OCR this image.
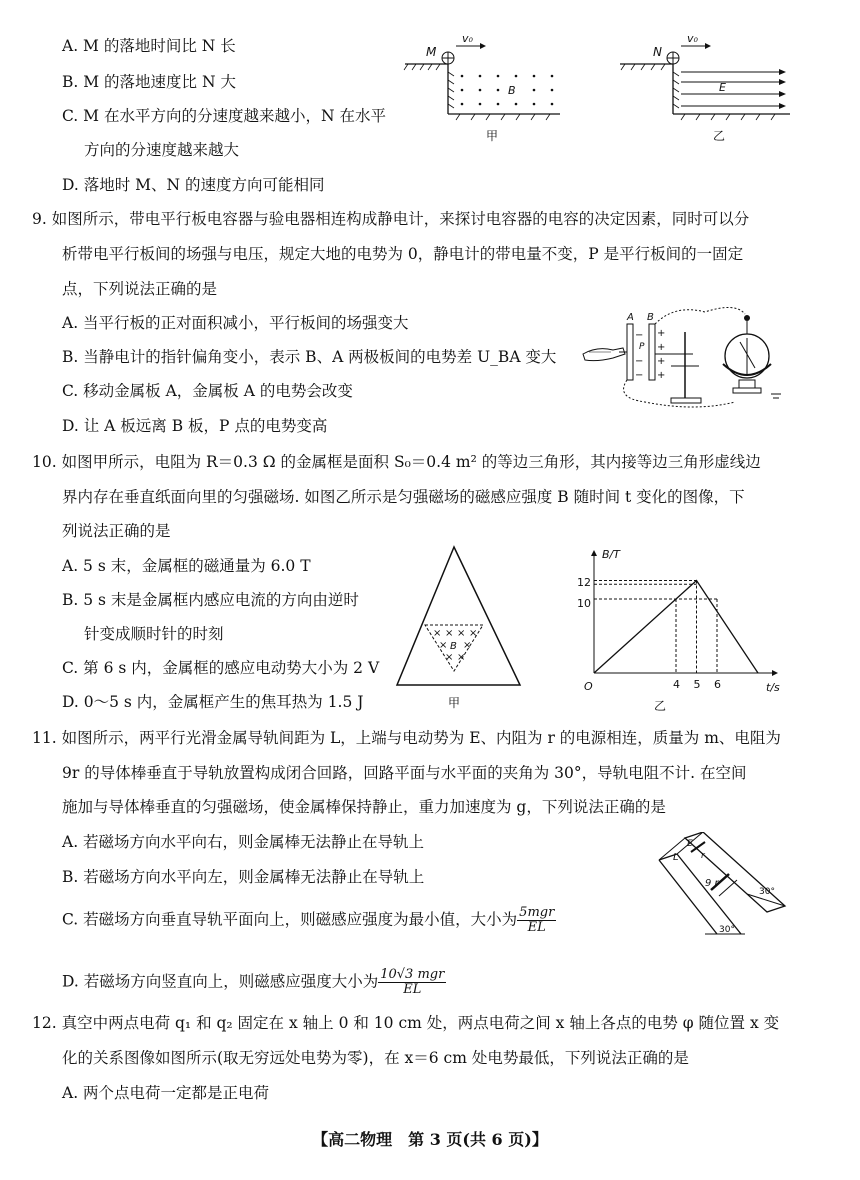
A. M 的落地时间比 N 长
B. M 的落地速度比 N 大
C. M 在水平方向的分速度越来越小，N 在水平
方向的分速度越来越大
D. 落地时 M、N 的速度方向可能相同
M
v₀
B
甲
N
v₀
E
乙
9. 如图所示，带电平行板电容器与验电器相连构成静电计，来探讨电容器的电容的决定因素，同时可以分
析带电平行板间的场强与电压，规定大地的电势为 0，静电计的带电量不变，P 是平行板间的一固定
点，下列说法正确的是
A. 当平行板的正对面积减小，平行板间的场强变大
B. 当静电计的指针偏角变小，表示 B、A 两极板间的电势差 U_BA 变大
C. 移动金属板 A，金属板 A 的电势会改变
D. 让 A 板远离 B 板，P 点的电势变高
A B
P
+
+
+
+
−
−
−
10. 如图甲所示，电阻为 R＝0.3 Ω 的金属框是面积 S₀＝0.4 m² 的等边三角形，其内接等边三角形虚线边
界内存在垂直纸面向里的匀强磁场. 如图乙所示是匀强磁场的磁感应强度 B 随时间 t 变化的图像，下
列说法正确的是
A. 5 s 末，金属框的磁通量为 6.0 T
B. 5 s 末是金属框内感应电流的方向由逆时
针变成顺时针的时刻
C. 第 6 s 内，金属框的感应电动势大小为 2 V
D. 0～5 s 内，金属框产生的焦耳热为 1.5 J
× × × ×
× ×
× ×
B
甲
B/T
t/s
O	4 5 6
10
12
乙
11. 如图所示，两平行光滑金属导轨间距为 L，上端与电动势为 E、内阻为 r 的电源相连，质量为 m、电阻为
9r 的导体棒垂直于导轨放置构成闭合回路，回路平面与水平面的夹角为 30°，导轨电阻不计. 在空间
施加与导体棒垂直的匀强磁场，使金属棒保持静止，重力加速度为 g，下列说法正确的是
A. 若磁场方向水平向右，则金属棒无法静止在导轨上
B. 若磁场方向水平向左，则金属棒无法静止在导轨上
C. 若磁场方向垂直导轨平面向上，则磁感应强度为最小值，大小为 $\frac{\text{5mgr}}{EL}$
D. 若磁场方向竖直向上，则磁感应强度大小为 $\frac{\text{10√3 mgr}}{EL}$
L
E
r
9 r
30°
30°
12. 真空中两点电荷 q₁ 和 q₂ 固定在 x 轴上 0 和 10 cm 处，两点电荷之间 x 轴上各点的电势 φ 随位置 x 变
化的关系图像如图所示(取无穷远处电势为零)，在 x＝6 cm 处电势最低，下列说法正确的是
A. 两个点电荷一定都是正电荷
【高二物理　第 3 页(共 6 页)】
